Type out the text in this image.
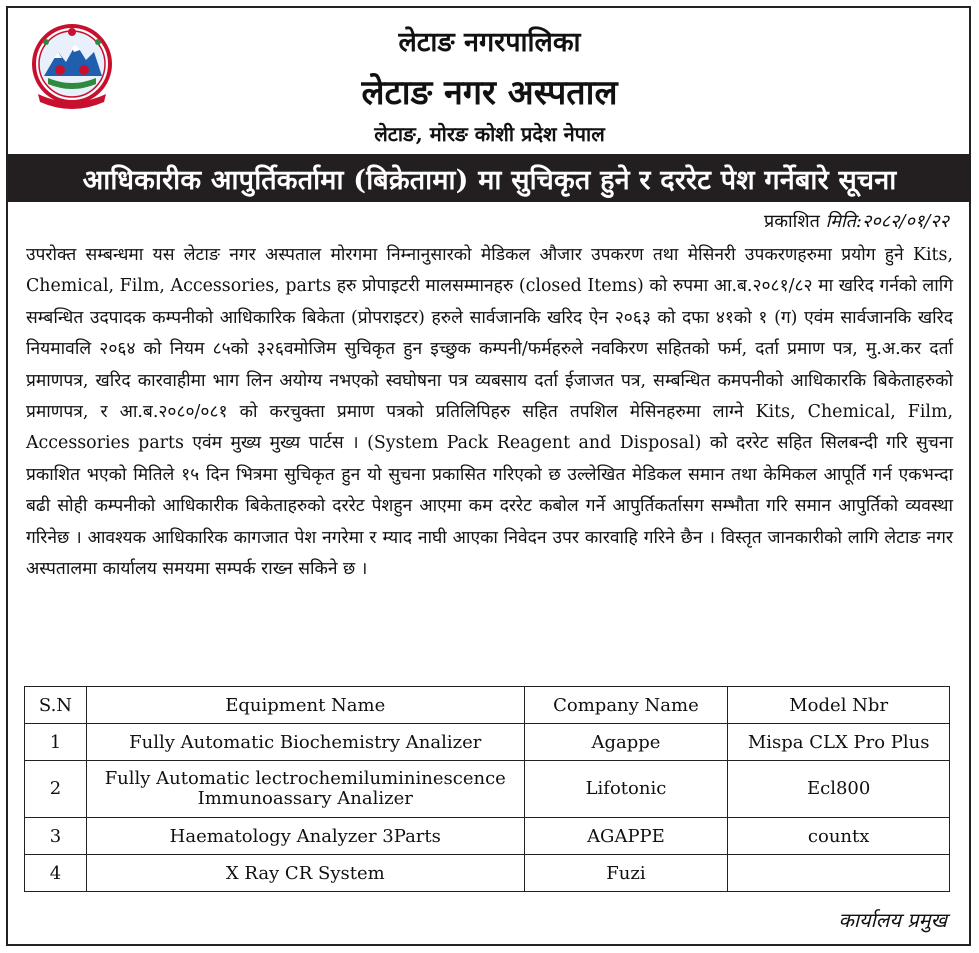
लेटाङ नगरपालिका
लेटाङ नगर अस्पताल
लेटाङ, मोरङ कोशी प्रदेश नेपाल
आधिकारीक आपुर्तिकर्तामा (बिक्रेतामा) मा सुचिकृत हुने र दररेट पेश गर्नेबारे सूचना
प्रकाशित मिति:२०८२/०१/२२
उपरोक्त सम्बन्धमा यस लेटाङ नगर अस्पताल मोरगमा निम्नानुसारको मेडिकल औजार उपकरण तथा मेसिनरी उपकरणहरुमा प्रयोग हुने Kits, Chemical, Film, Accessories, parts हरु प्रोपाइटरी मालसम्मानहरु (closed Items) को रुपमा आ.ब.२०८१/८२ मा खरिद गर्नको लागि सम्बन्धित उदपादक कम्पनीको आधिकारिक बिकेता (प्रोपराइटर) हरुले सार्वजानकि खरिद ऐन २०६३ को दफा ४१को १ (ग) एवंम सार्वजानकि खरिद नियमावलि २०६४ को नियम ८५को ३२६वमोजिम सुचिकृत हुन इच्छुक कम्पनी/फर्महरुले नवकिरण सहितको फर्म, दर्ता प्रमाण पत्र, मु.अ.कर दर्ता प्रमाणपत्र, खरिद कारवाहीमा भाग लिन अयोग्य नभएको स्वघोषना पत्र व्यबसाय दर्ता ईजाजत पत्र, सम्बन्धित कमपनीको आधिकारकि बिकेताहरुको प्रमाणपत्र, र आ.ब.२०८०/०८१ को करचुक्ता प्रमाण पत्रको प्रतिलिपिहरु सहित तपशिल मेसिनहरुमा लाग्ने Kits, Chemical, Film, Accessories parts एवंम मुख्य मुख्य पार्टस । (System Pack Reagent and Disposal) को दररेट सहित सिलबन्दी गरि सुचना प्रकाशित भएको मितिले १५ दिन भित्रमा सुचिकृत हुन यो सुचना प्रकासित गरिएको छ उल्लेखित मेडिकल समान तथा केमिकल आपूर्ति गर्न एकभन्दा बढी सोही कम्पनीको आधिकारीक बिकेताहरुको दररेट पेशहुन आएमा कम दररेट कबोल गर्ने आपुर्तिकर्तासग सम्भौता गरि समान आपुर्तिको व्यवस्था गरिनेछ । आवश्यक आधिकारिक कागजात पेश नगरेमा र म्याद नाघी आएका निवेदन उपर कारवाहि गरिने छैन । विस्तृत जानकारीको लागि लेटाङ नगर अस्पतालमा कार्यालय समयमा सम्पर्क राख्न सकिने छ ।
S.N	Equipment Name	Company Name	Model Nbr
1	Fully Automatic Biochemistry Analizer	Agappe	Mispa CLX Pro Plus
2	Fully Automatic lectrochemilumininescence Immunoassary Analizer	Lifotonic	Ecl800
3	Haematology Analyzer 3Parts	AGAPPE	countx
4	X Ray CR System	Fuzi	
कार्यालय प्रमुख
